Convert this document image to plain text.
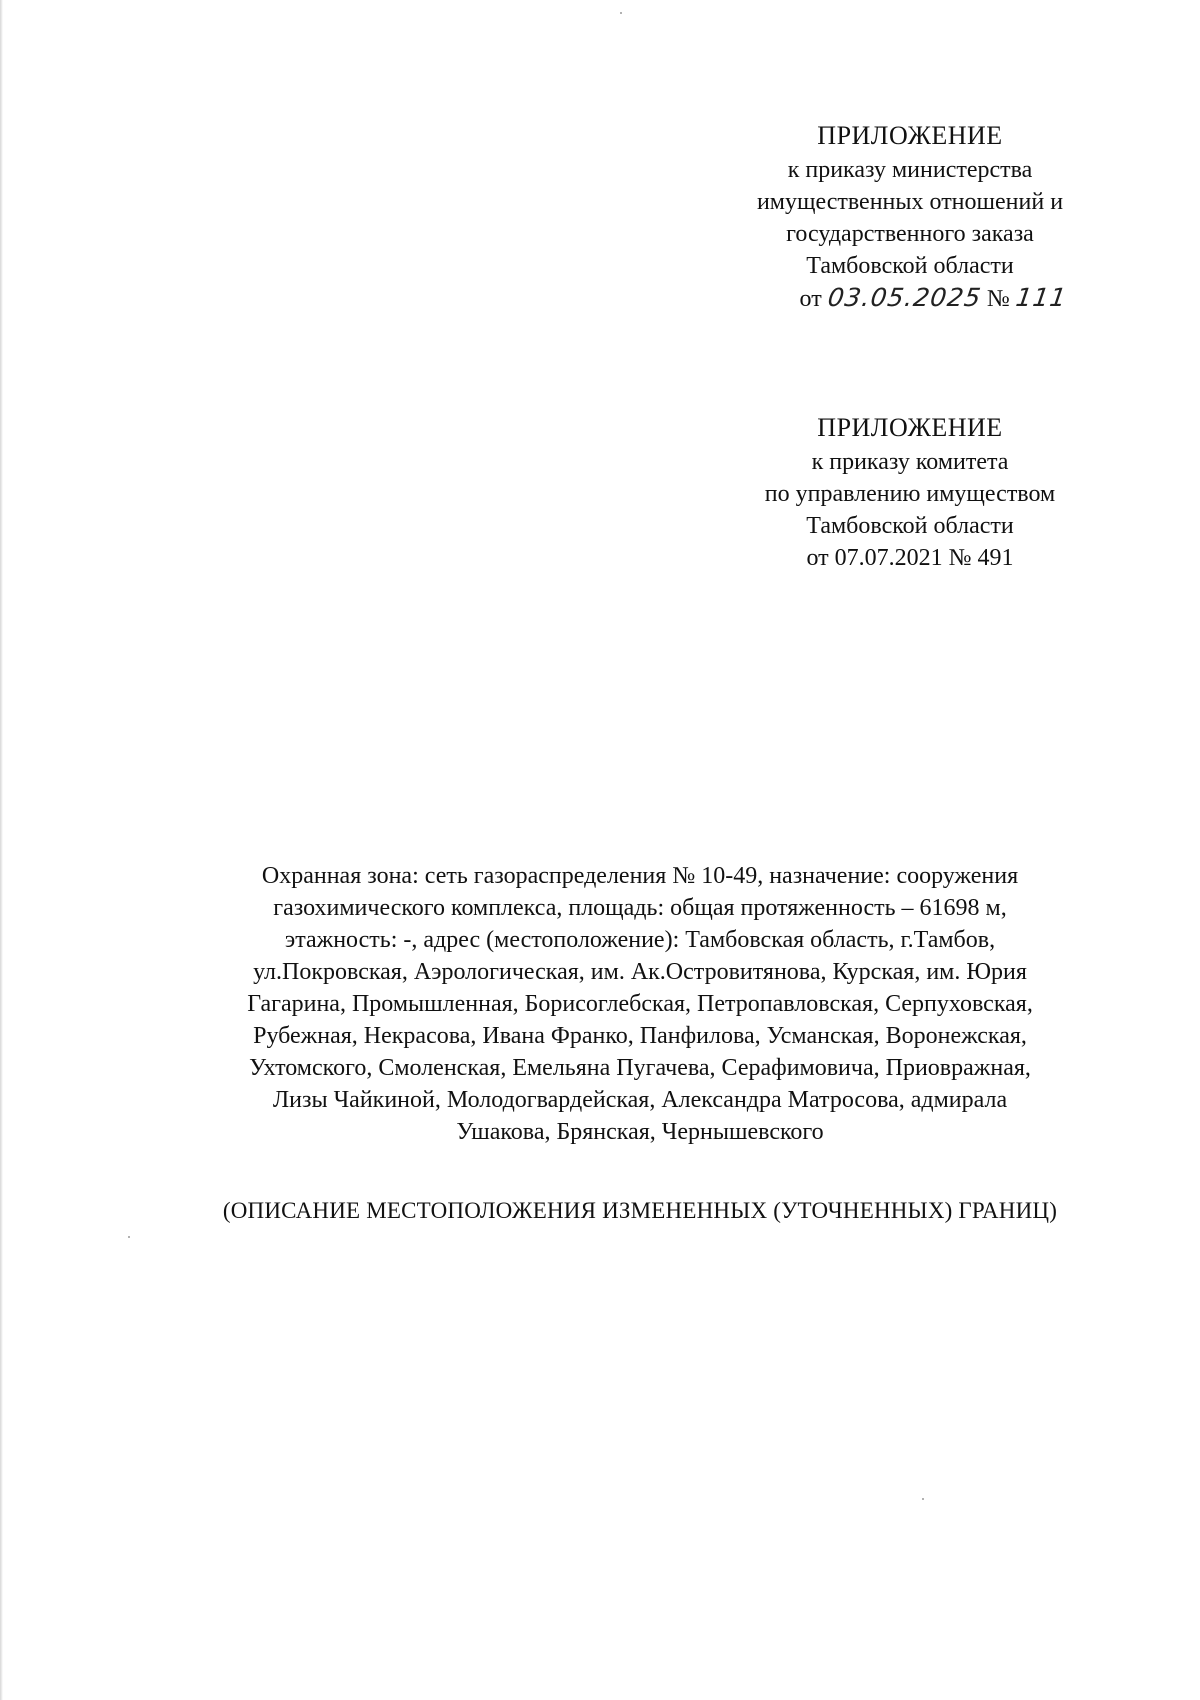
ПРИЛОЖЕНИЕ
к приказу министерства
имущественных отношений и
государственного заказа
Тамбовской области
от 03.05.2025 № 111
ПРИЛОЖЕНИЕ
к приказу комитета
по управлению имуществом
Тамбовской области
от 07.07.2021 № 491
Охранная зона: сеть газораспределения № 10-49, назначение: сооружения
газохимического комплекса, площадь: общая протяженность – 61698 м,
этажность: -, адрес (местоположение): Тамбовская область, г.Тамбов,
ул.Покровская, Аэрологическая, им. Ак.Островитянова, Курская, им. Юрия
Гагарина, Промышленная, Борисоглебская, Петропавловская, Серпуховская,
Рубежная, Некрасова, Ивана Франко, Панфилова, Усманская, Воронежская,
Ухтомского, Смоленская, Емельяна Пугачева, Серафимовича, Приовражная,
Лизы Чайкиной, Молодогвардейская, Александра Матросова, адмирала
Ушакова, Брянская, Чернышевского
(ОПИСАНИЕ МЕСТОПОЛОЖЕНИЯ ИЗМЕНЕННЫХ (УТОЧНЕННЫХ) ГРАНИЦ)
